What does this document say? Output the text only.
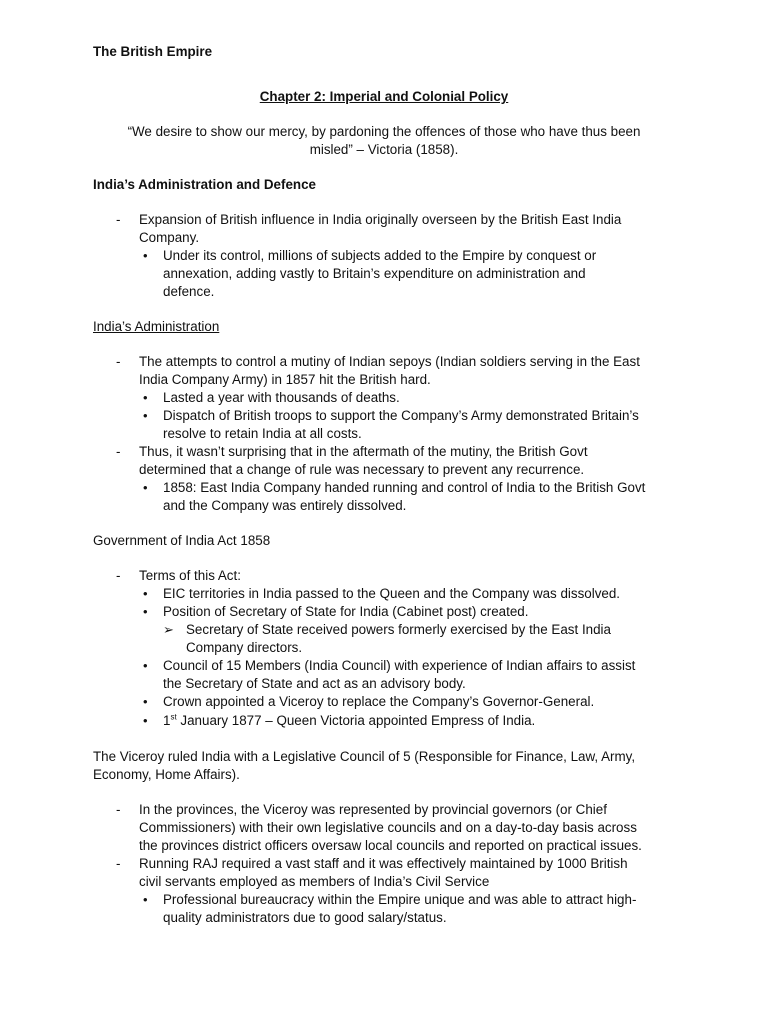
The British Empire
Chapter 2: Imperial and Colonial Policy
“We desire to show our mercy, by pardoning the offences of those who have thus been
misled” – Victoria (1858).
India’s Administration and Defence
- Expansion of British influence in India originally overseen by the British East India
Company.
• Under its control, millions of subjects added to the Empire by conquest or
annexation, adding vastly to Britain’s expenditure on administration and
defence.
India’s Administration
- The attempts to control a mutiny of Indian sepoys (Indian soldiers serving in the East
India Company Army) in 1857 hit the British hard.
• Lasted a year with thousands of deaths.
• Dispatch of British troops to support the Company’s Army demonstrated Britain’s
resolve to retain India at all costs.
- Thus, it wasn’t surprising that in the aftermath of the mutiny, the British Govt
determined that a change of rule was necessary to prevent any recurrence.
• 1858: East India Company handed running and control of India to the British Govt
and the Company was entirely dissolved.
Government of India Act 1858
- Terms of this Act:
• EIC territories in India passed to the Queen and the Company was dissolved.
• Position of Secretary of State for India (Cabinet post) created.
➢ Secretary of State received powers formerly exercised by the East India
Company directors.
• Council of 15 Members (India Council) with experience of Indian affairs to assist
the Secretary of State and act as an advisory body.
• Crown appointed a Viceroy to replace the Company’s Governor-General.
• 1st January 1877 – Queen Victoria appointed Empress of India.
The Viceroy ruled India with a Legislative Council of 5 (Responsible for Finance, Law, Army,
Economy, Home Affairs).
- In the provinces, the Viceroy was represented by provincial governors (or Chief
Commissioners) with their own legislative councils and on a day-to-day basis across
the provinces district officers oversaw local councils and reported on practical issues.
- Running RAJ required a vast staff and it was effectively maintained by 1000 British
civil servants employed as members of India’s Civil Service
• Professional bureaucracy within the Empire unique and was able to attract high-
quality administrators due to good salary/status.
